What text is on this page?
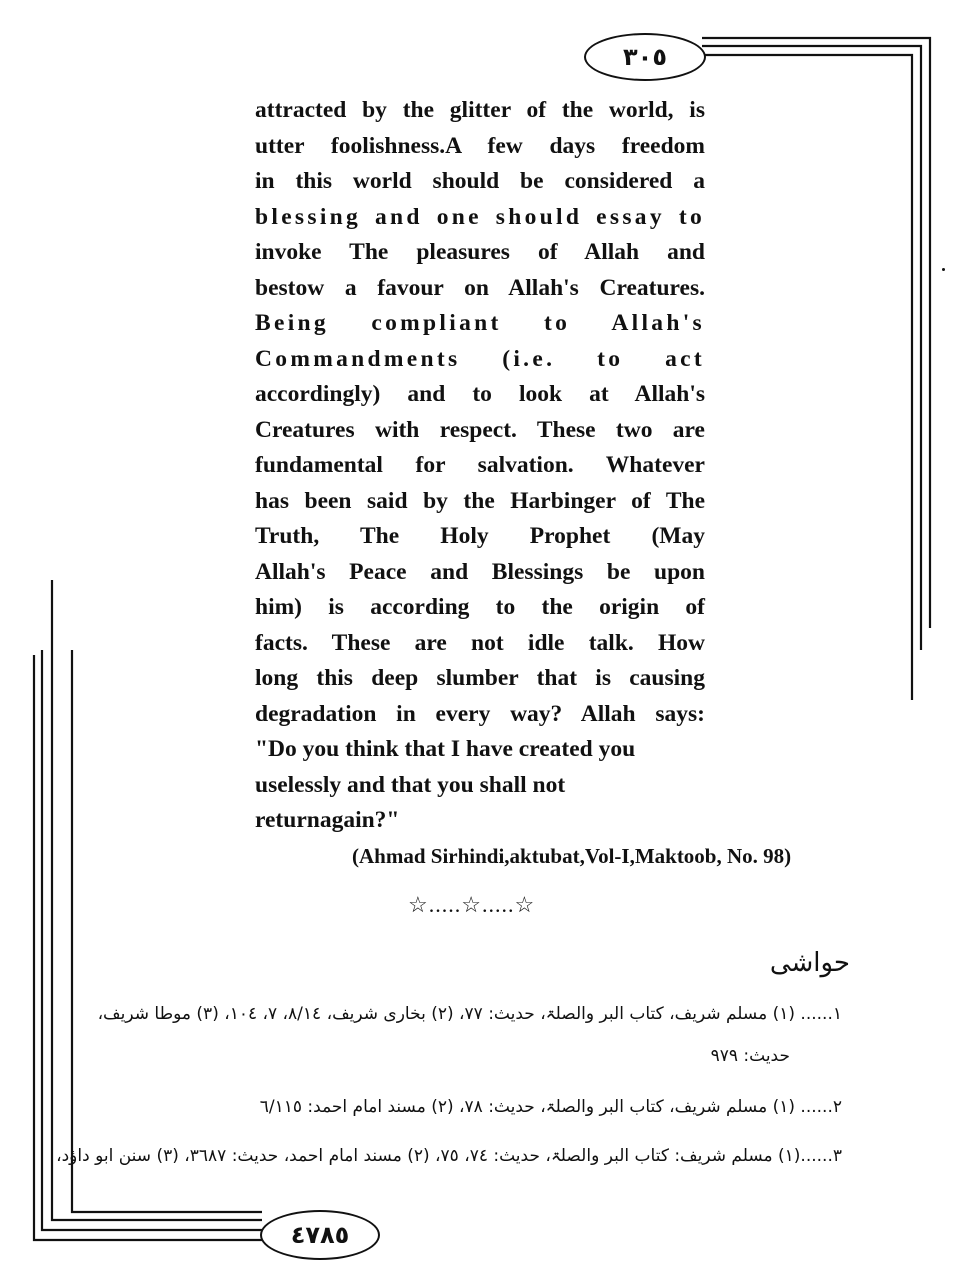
٣٠٥
attracted by the glitter of the world, is
utter foolishness.A few days freedom
in this world should be considered a
blessing and one should essay to
invoke The pleasures of Allah and
bestow a favour on Allah's Creatures.
Being compliant to Allah's
Commandments (i.e. to act
accordingly) and to look at Allah's
Creatures with respect. These two are
fundamental for salvation. Whatever
has been said by the Harbinger of The
Truth, The Holy Prophet (May
Allah's Peace and Blessings be upon
him) is according to the origin of
facts. These are not idle talk. How
long this deep slumber that is causing
degradation in every way? Allah says:
"Do you think that I have created you
uselessly and that you shall not
returnagain?"
(Ahmad Sirhindi,aktubat,Vol-I,Maktoob, No. 98)
☆.....☆.....☆
حواشی
١...... (١) مسلم شریف، کتاب البر والصلۃ، حدیث: ٧٧، (٢) بخاری شریف، ٨/١٤، ٧، ١٠٤، (٣) موطا شریف،
حدیث: ٩٧٩
٢...... (١) مسلم شریف، کتاب البر والصلۃ، حدیث: ٧٨، (٢) مسند امام احمد: ٦/١١٥
٣......(١) مسلم شریف: کتاب البر والصلۃ، حدیث: ٧٤، ٧٥، (٢) مسند امام احمد، حدیث: ٣٦٨٧، (٣) سنن ابو داؤد،
٤٧٨٥
